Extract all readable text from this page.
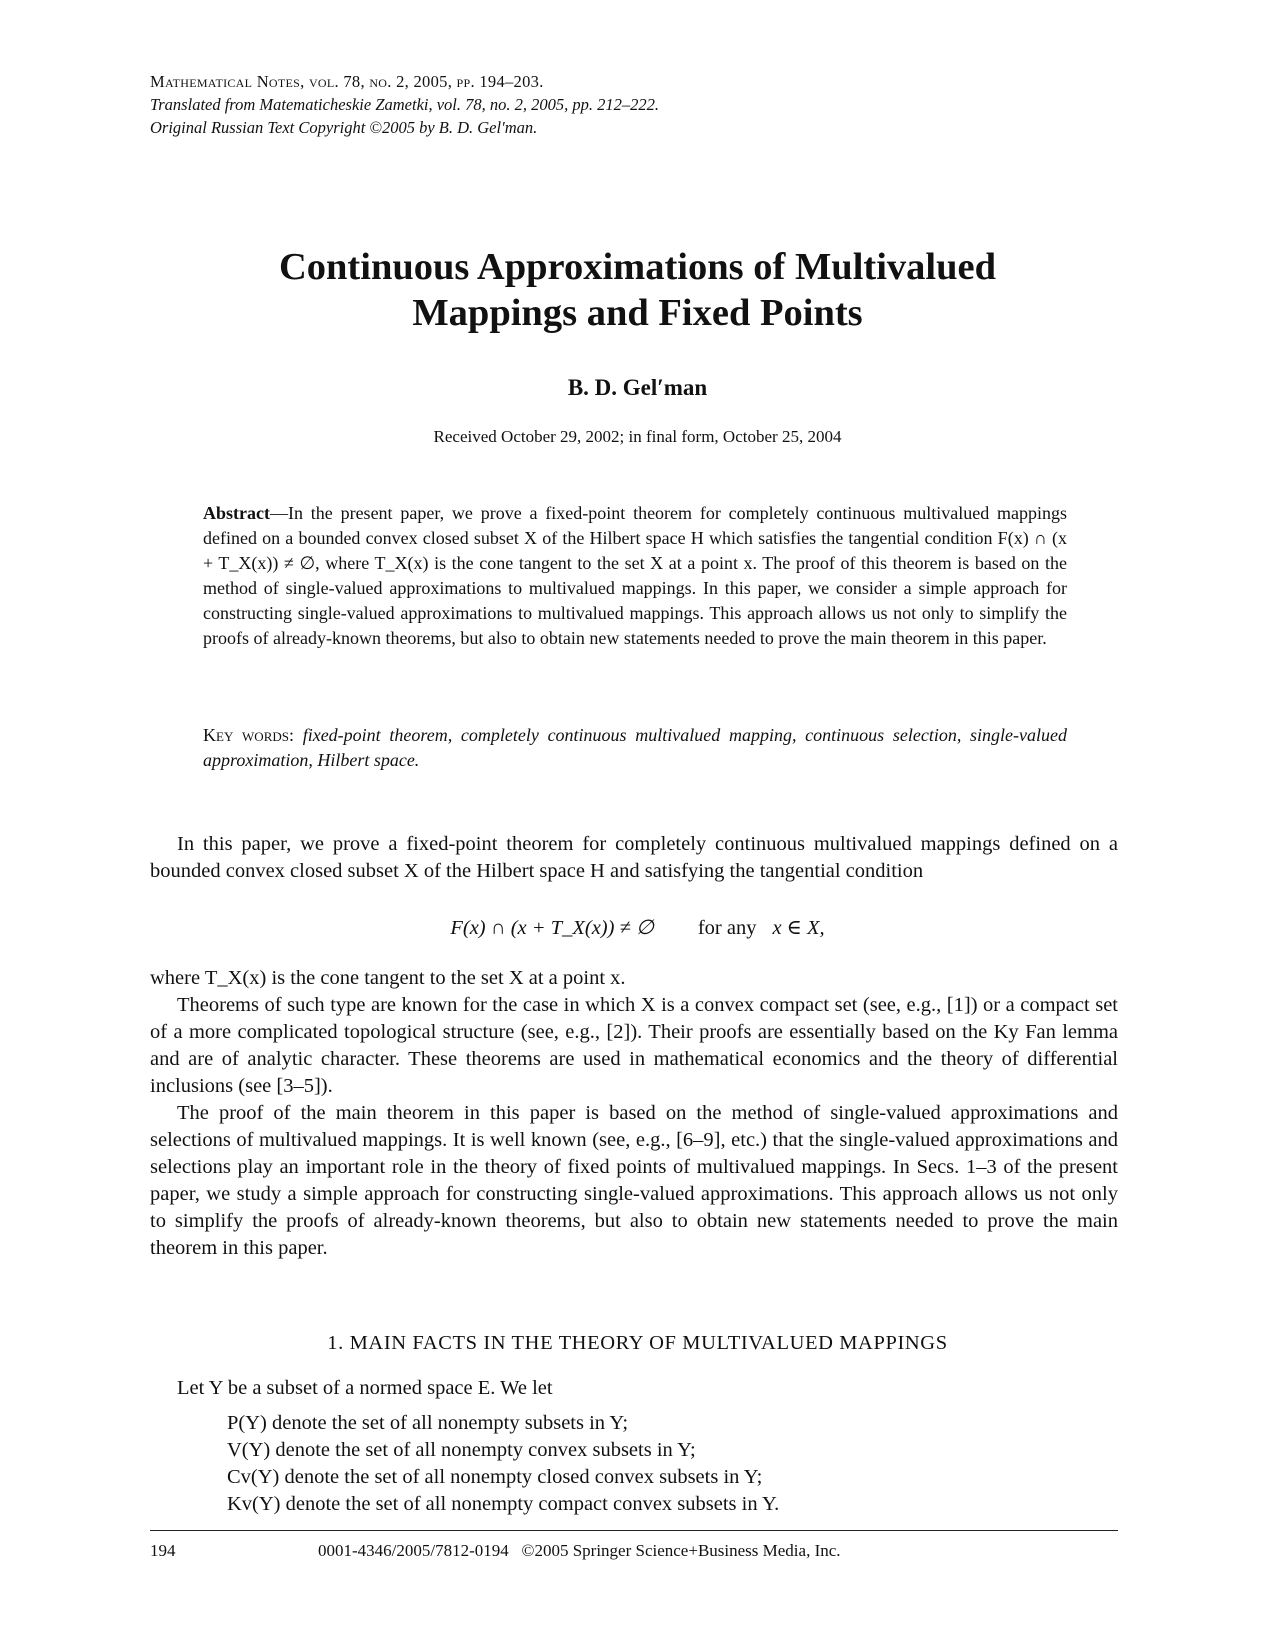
Mathematical Notes, vol. 78, no. 2, 2005, pp. 194–203.
Translated from Matematicheskie Zametki, vol. 78, no. 2, 2005, pp. 212–222.
Original Russian Text Copyright ©2005 by B. D. Gel′man.
Continuous Approximations of Multivalued
Mappings and Fixed Points
B. D. Gel′man
Received October 29, 2002; in final form, October 25, 2004
Abstract—In the present paper, we prove a fixed-point theorem for completely continuous multivalued mappings defined on a bounded convex closed subset X of the Hilbert space H which satisfies the tangential condition F(x) ∩ (x + T_X(x)) ≠ ∅, where T_X(x) is the cone tangent to the set X at a point x. The proof of this theorem is based on the method of single-valued approximations to multivalued mappings. In this paper, we consider a simple approach for constructing single-valued approximations to multivalued mappings. This approach allows us not only to simplify the proofs of already-known theorems, but also to obtain new statements needed to prove the main theorem in this paper.
Key words: fixed-point theorem, completely continuous multivalued mapping, continuous selection, single-valued approximation, Hilbert space.

In this paper, we prove a fixed-point theorem for completely continuous multivalued mappings defined on a bounded convex closed subset X of the Hilbert space H and satisfying the tangential condition

F(x) ∩ (x + T_X(x)) ≠ ∅ for any x ∈ X,

where T_X(x) is the cone tangent to the set X at a point x.

Theorems of such type are known for the case in which X is a convex compact set (see, e.g., [1]) or a compact set of a more complicated topological structure (see, e.g., [2]). Their proofs are essentially based on the Ky Fan lemma and are of analytic character. These theorems are used in mathematical economics and the theory of differential inclusions (see [3–5]).

The proof of the main theorem in this paper is based on the method of single-valued approximations and selections of multivalued mappings. It is well known (see, e.g., [6–9], etc.) that the single-valued approximations and selections play an important role in the theory of fixed points of multivalued mappings. In Secs. 1–3 of the present paper, we study a simple approach for constructing single-valued approximations. This approach allows us not only to simplify the proofs of already-known theorems, but also to obtain new statements needed to prove the main theorem in this paper.

1. MAIN FACTS IN THE THEORY OF MULTIVALUED MAPPINGS

Let Y be a subset of a normed space E. We let

P(Y) denote the set of all nonempty subsets in Y;
V(Y) denote the set of all nonempty convex subsets in Y;
Cv(Y) denote the set of all nonempty closed convex subsets in Y;
Kv(Y) denote the set of all nonempty compact convex subsets in Y.
194	0001-4346/2005/7812-0194 ©2005 Springer Science+Business Media, Inc.
